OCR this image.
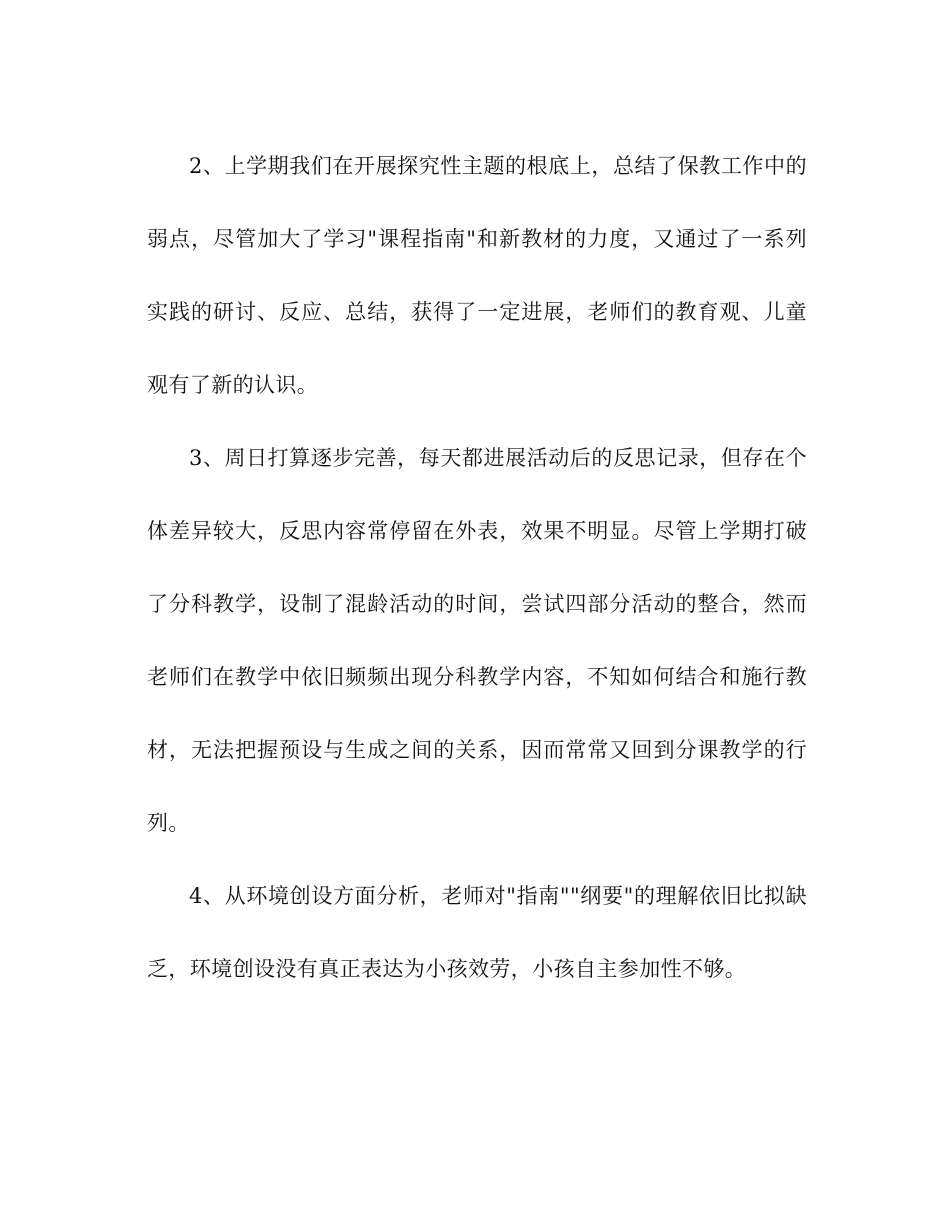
2、上学期我们在开展探究性主题的根底上，总结了保教工作中的弱点，尽管加大了学习"课程指南"和新教材的力度，又通过了一系列实践的研讨、反应、总结，获得了一定进展，老师们的教育观、儿童观有了新的认识。

3、周日打算逐步完善，每天都进展活动后的反思记录，但存在个体差异较大，反思内容常停留在外表，效果不明显。尽管上学期打破了分科教学，设制了混龄活动的时间，尝试四部分活动的整合，然而老师们在教学中依旧频频出现分科教学内容，不知如何结合和施行教材，无法把握预设与生成之间的关系，因而常常又回到分课教学的行列。

4、从环境创设方面分析，老师对"指南""纲要"的理解依旧比拟缺乏，环境创设没有真正表达为小孩效劳，小孩自主参加性不够。
